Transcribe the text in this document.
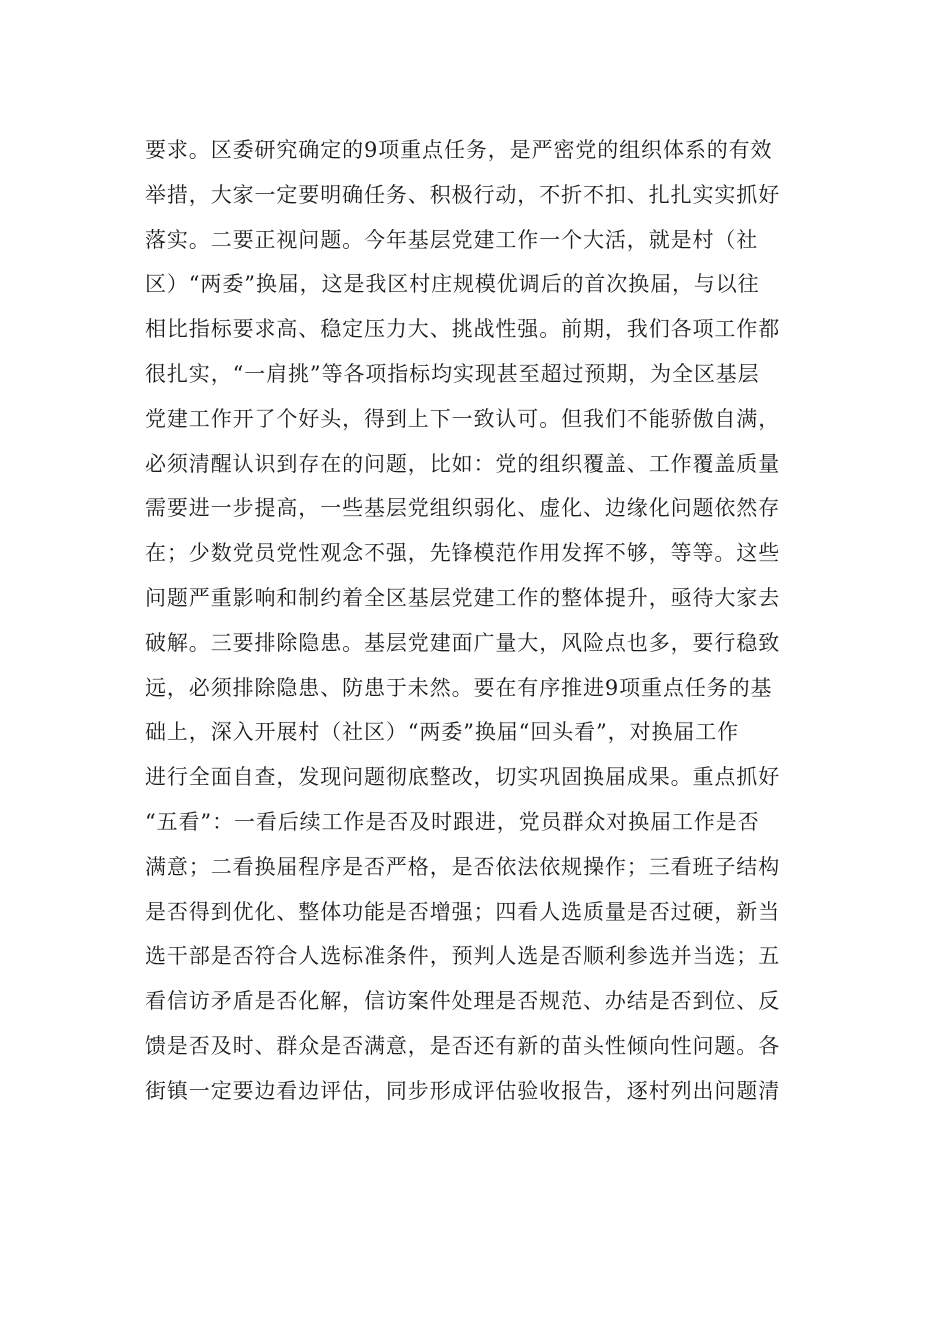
要求。区委研究确定的9项重点任务，是严密党的组织体系的有效
举措，大家一定要明确任务、积极行动，不折不扣、扎扎实实抓好
落实。二要正视问题。今年基层党建工作一个大活，就是村（社
区）“两委”换届，这是我区村庄规模优调后的首次换届，与以往
相比指标要求高、稳定压力大、挑战性强。前期，我们各项工作都
很扎实，“一肩挑”等各项指标均实现甚至超过预期，为全区基层
党建工作开了个好头，得到上下一致认可。但我们不能骄傲自满，
必须清醒认识到存在的问题，比如：党的组织覆盖、工作覆盖质量
需要进一步提高，一些基层党组织弱化、虚化、边缘化问题依然存
在；少数党员党性观念不强，先锋模范作用发挥不够，等等。这些
问题严重影响和制约着全区基层党建工作的整体提升，亟待大家去
破解。三要排除隐患。基层党建面广量大，风险点也多，要行稳致
远，必须排除隐患、防患于未然。要在有序推进9项重点任务的基
础上，深入开展村（社区）“两委”换届“回头看”，对换届工作
进行全面自查，发现问题彻底整改，切实巩固换届成果。重点抓好
“五看”：一看后续工作是否及时跟进，党员群众对换届工作是否
满意；二看换届程序是否严格，是否依法依规操作；三看班子结构
是否得到优化、整体功能是否增强；四看人选质量是否过硬，新当
选干部是否符合人选标准条件，预判人选是否顺利参选并当选；五
看信访矛盾是否化解，信访案件处理是否规范、办结是否到位、反
馈是否及时、群众是否满意，是否还有新的苗头性倾向性问题。各
街镇一定要边看边评估，同步形成评估验收报告，逐村列出问题清
